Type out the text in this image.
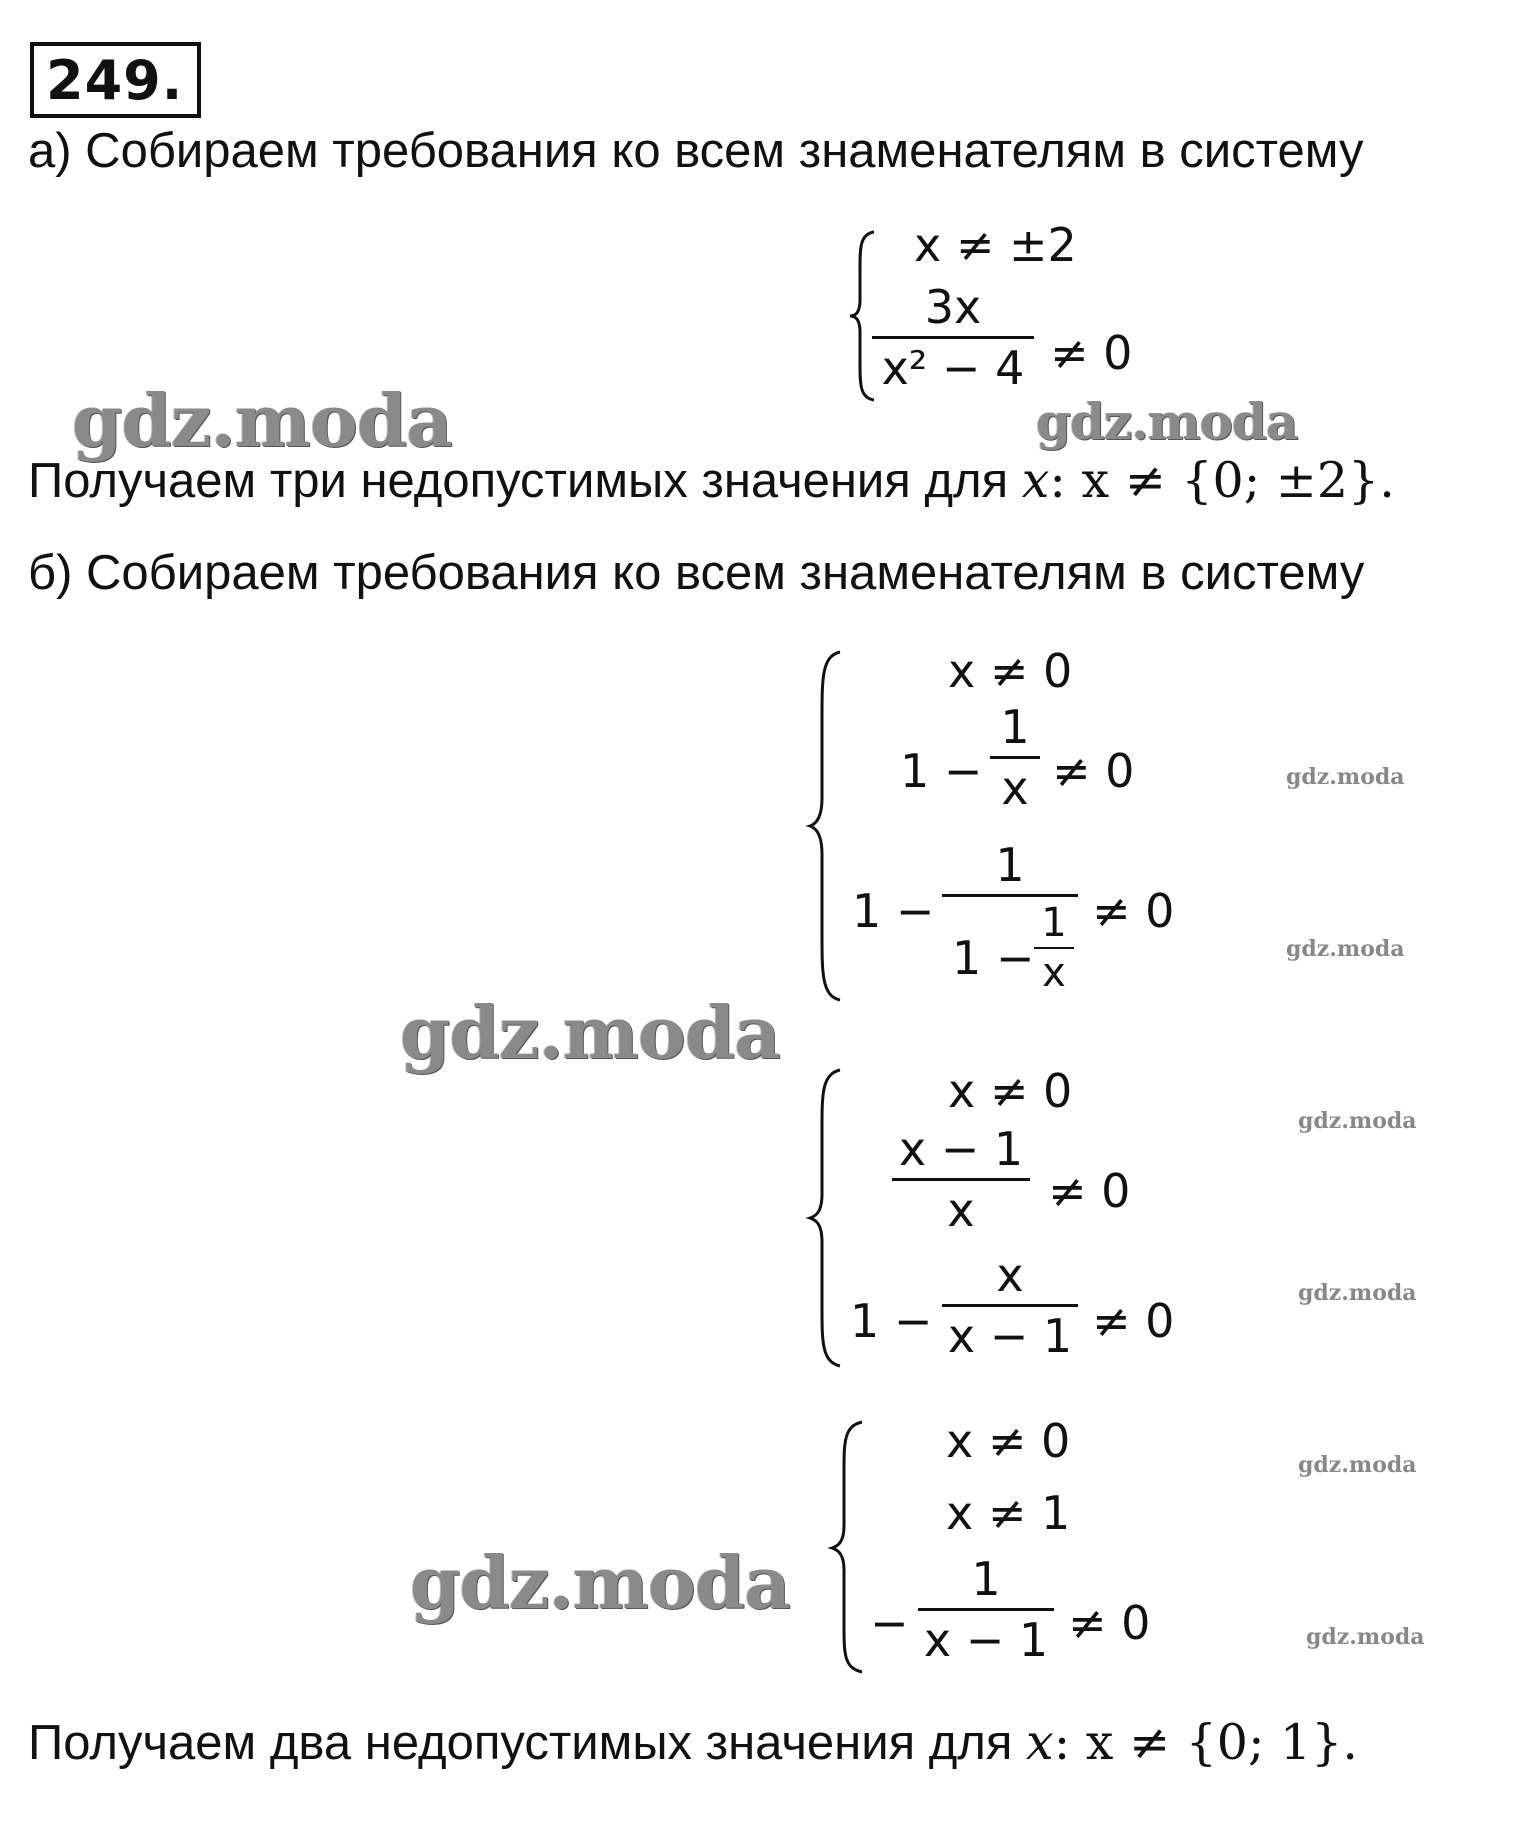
249.
а) Собираем требования ко всем знаменателям в систему
x ≠ ±2
3x
x² − 4 ≠ 0
Получаем три недопустимых значения для x: x ≠ {0; ±2}.
б) Собираем требования ко всем знаменателям в систему
x ≠ 0
1 −
1
x ≠ 0
1 −
1
1 −
1
x
≠ 0
x ≠ 0
x − 1
x	≠ 0
1 −
x
x − 1 ≠ 0
x ≠ 0
x ≠ 1
−
1
x − 1 ≠ 0
Получаем два недопустимых значения для x: x ≠ {0; 1}.
gdz.moda	gdz.moda
gdz.moda
gdz.moda
gdz.moda
gdz.moda
gdz.moda
gdz.moda
gdz.moda
gdz.moda
